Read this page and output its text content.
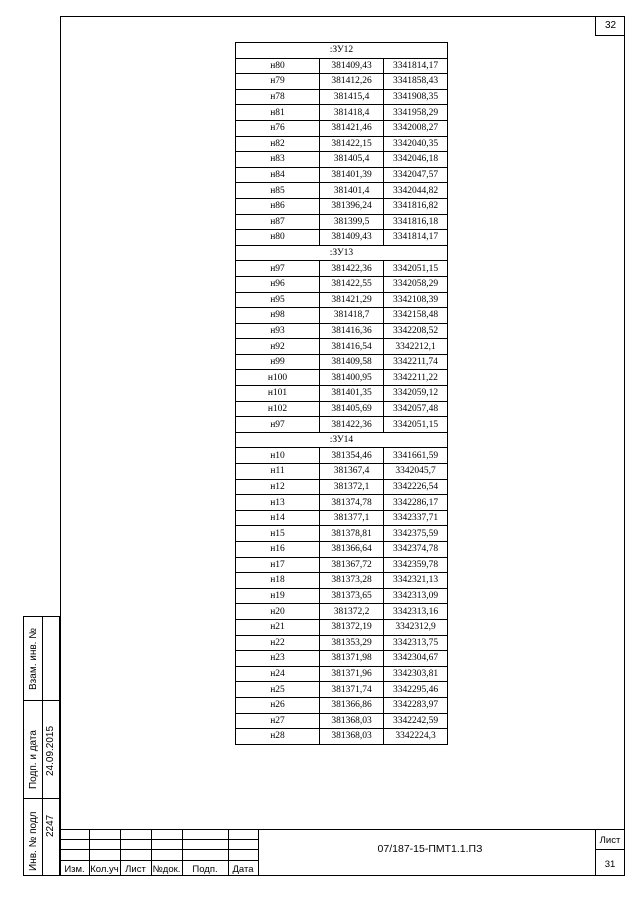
32
:ЗУ12		
н80	381409,43	3341814,17
н79	381412,26	3341858,43
н78	381415,4	3341908,35
н81	381418,4	3341958,29
н76	381421,46	3342008,27
н82	381422,15	3342040,35
н83	381405,4	3342046,18
н84	381401,39	3342047,57
н85	381401,4	3342044,82
н86	381396,24	3341816,82
н87	381399,5	3341816,18
н80	381409,43	3341814,17
:ЗУ13		
н97	381422,36	3342051,15
н96	381422,55	3342058,29
н95	381421,29	3342108,39
н98	381418,7	3342158,48
н93	381416,36	3342208,52
н92	381416,54	3342212,1
н99	381409,58	3342211,74
н100	381400,95	3342211,22
н101	381401,35	3342059,12
н102	381405,69	3342057,48
н97	381422,36	3342051,15
:ЗУ14		
н10	381354,46	3341661,59
н11	381367,4	3342045,7
н12	381372,1	3342226,54
н13	381374,78	3342286,17
н14	381377,1	3342337,71
н15	381378,81	3342375,59
н16	381366,64	3342374,78
н17	381367,72	3342359,78
н18	381373,28	3342321,13
н19	381373,65	3342313,09
н20	381372,2	3342313,16
н21	381372,19	3342312,9
н22	381353,29	3342313,75
н23	381371,98	3342304,67
н24	381371,96	3342303,81
н25	381371,74	3342295,46
н26	381366,86	3342283,97
н27	381368,03	3342242,59
н28	381368,03	3342224,3
Взам. инв. №
Подп. и дата 24.09.2015
Инв. № подл 2247
Изм. Кол.уч Лист №док.	Подп.	Дата
07/187-15-ПМТ1.1.ПЗ
Лист
31
